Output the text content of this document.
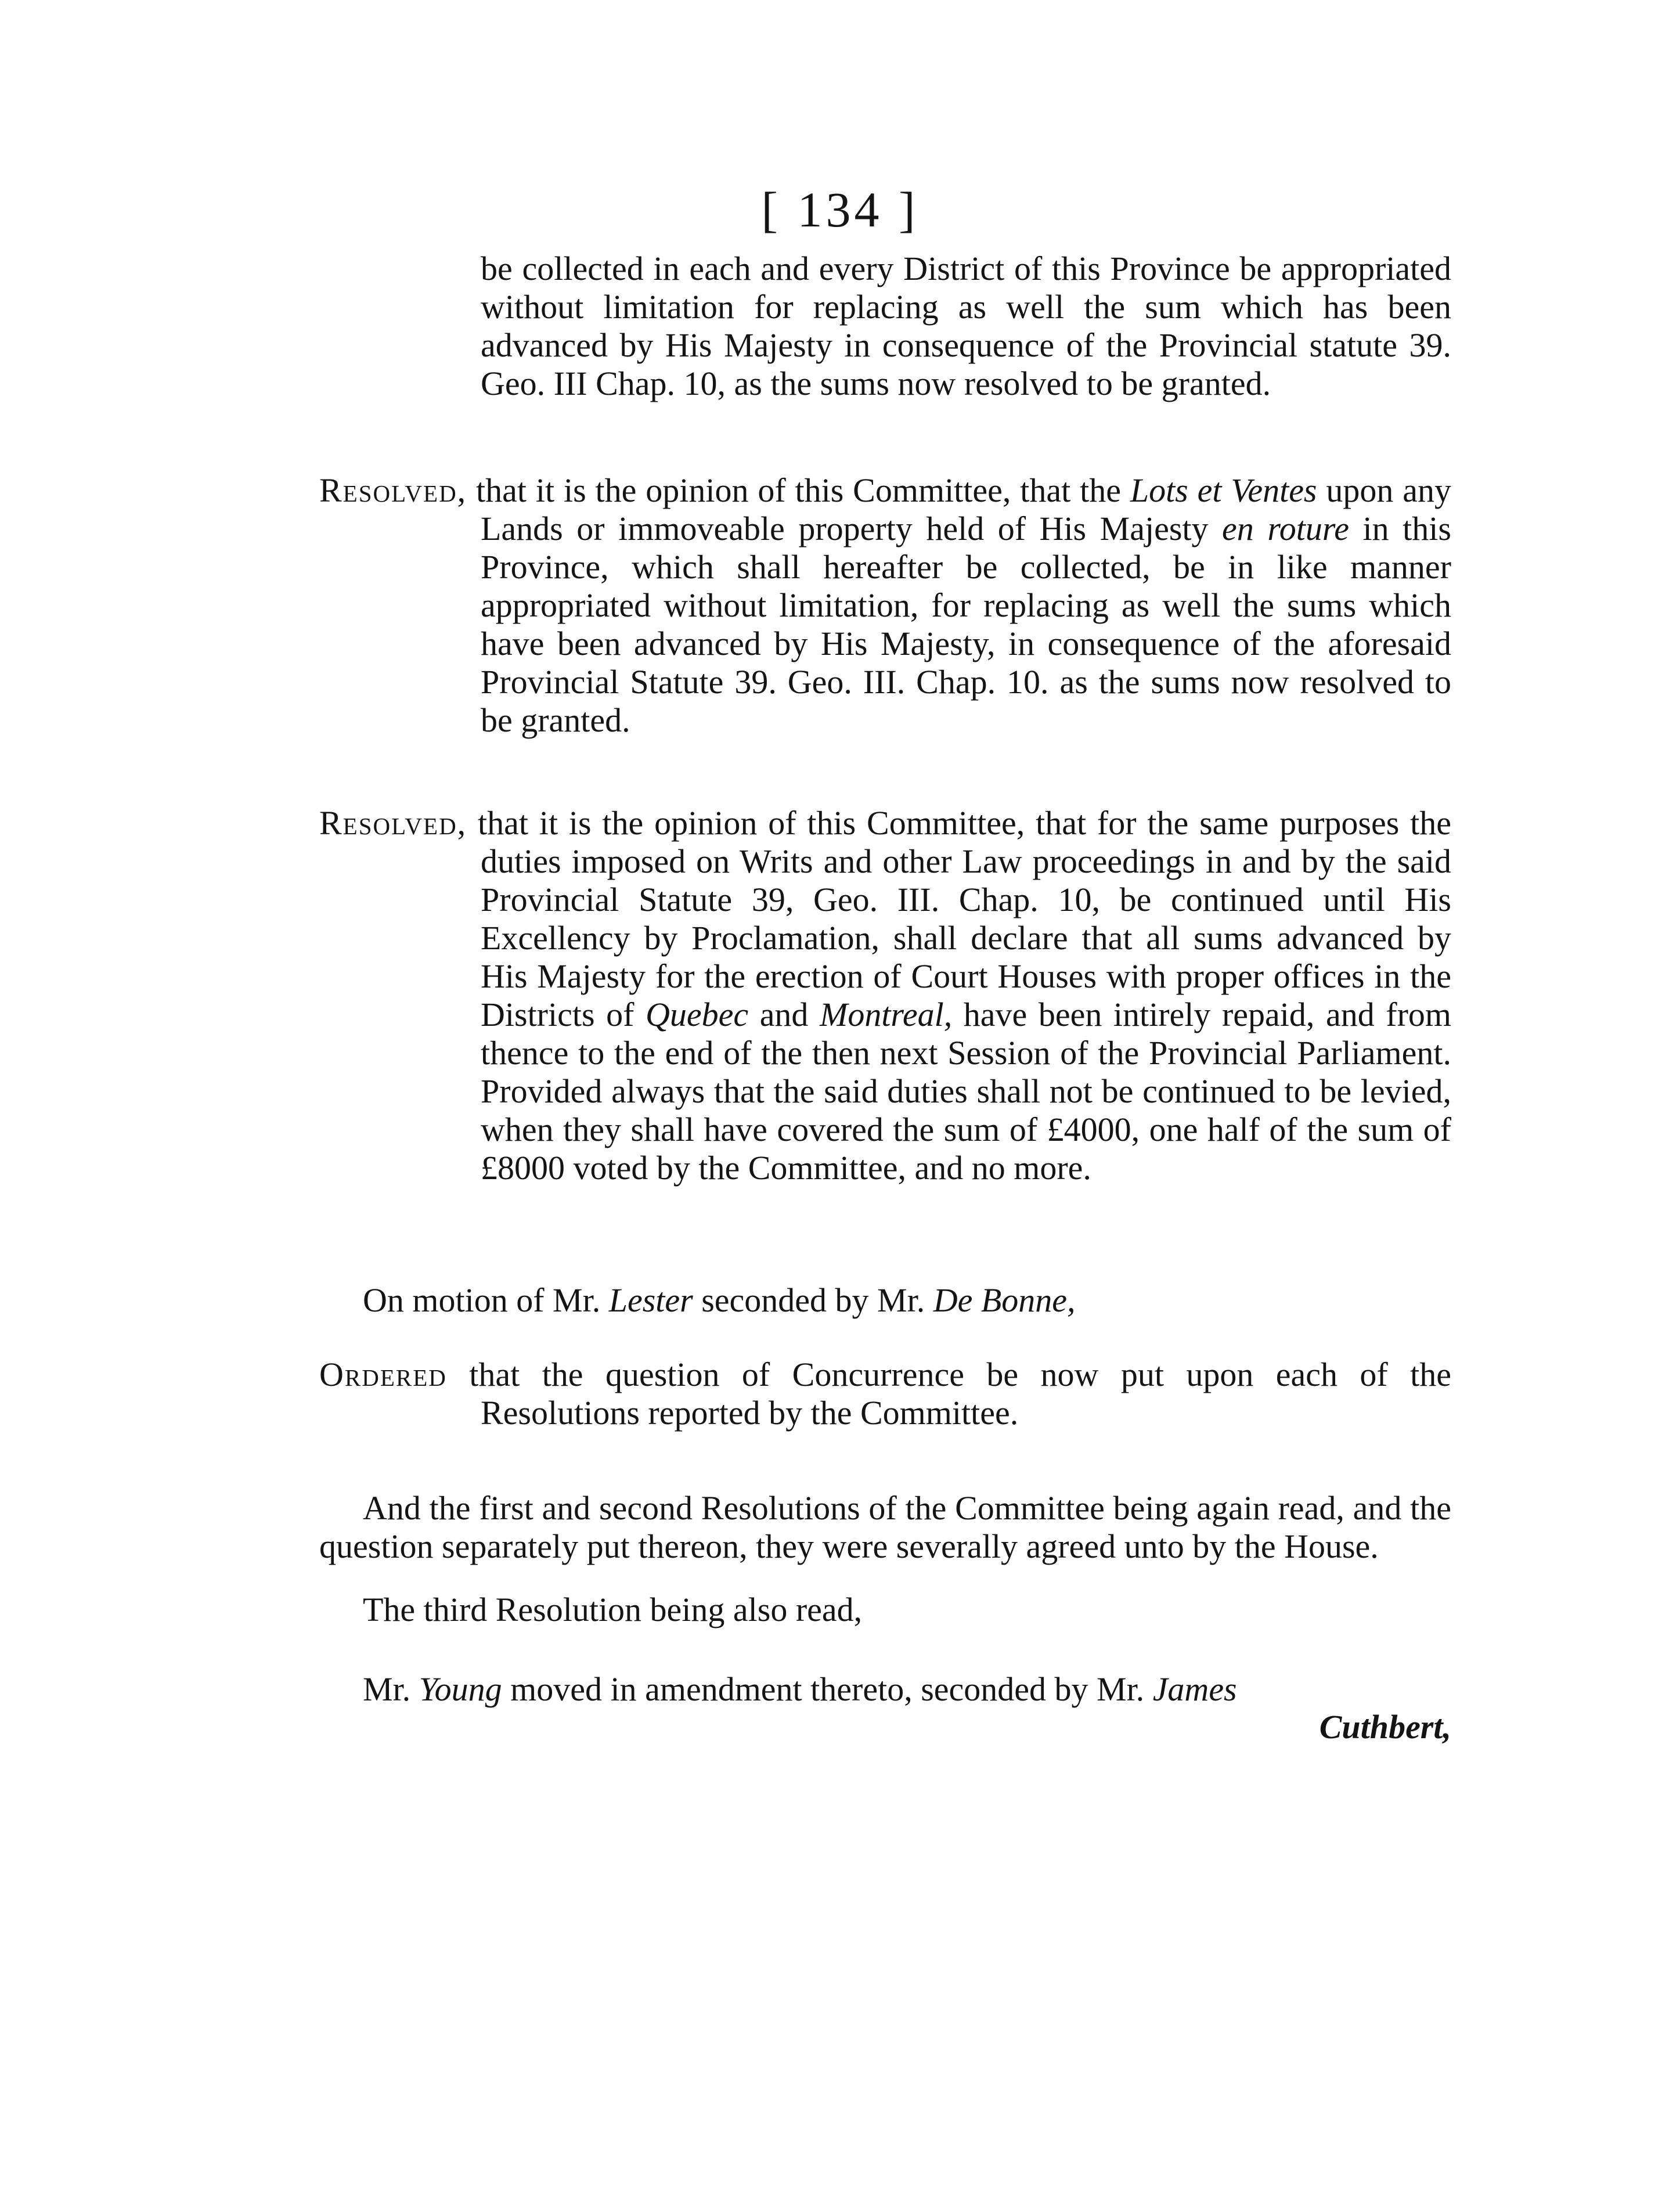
[ 134 ]

be collected in each and every District of this Province be appropriated without limitation for replacing as well the sum which has been advanced by His Majesty in consequence of the Provincial statute 39. Geo. III Chap. 10, as the sums now resolved to be granted.

Resolved, that it is the opinion of this Committee, that the Lots et Ventes upon any Lands or immoveable property held of His Majesty en roture in this Province, which shall hereafter be collected, be in like manner appropriated without limitation, for replacing as well the sums which have been advanced by His Majesty, in consequence of the aforesaid Provincial Statute 39. Geo. III. Chap. 10. as the sums now resolved to be granted.

Resolved, that it is the opinion of this Committee, that for the same purposes the duties imposed on Writs and other Law proceedings in and by the said Provincial Statute 39, Geo. III. Chap. 10, be continued until His Excellency by Proclamation, shall declare that all sums advanced by His Majesty for the erection of Court Houses with proper offices in the Districts of Quebec and Montreal, have been intirely repaid, and from thence to the end of the then next Session of the Provincial Parliament. Provided always that the said duties shall not be continued to be levied, when they shall have covered the sum of £4000, one half of the sum of £8000 voted by the Committee, and no more.

On motion of Mr. Lester seconded by Mr. De Bonne,

Ordered that the question of Concurrence be now put upon each of the Resolutions reported by the Committee.

And the first and second Resolutions of the Committee being again read, and the question separately put thereon, they were severally agreed unto by the House.

The third Resolution being also read,

Mr. Young moved in amendment thereto, seconded by Mr. James

Cuthbert,
